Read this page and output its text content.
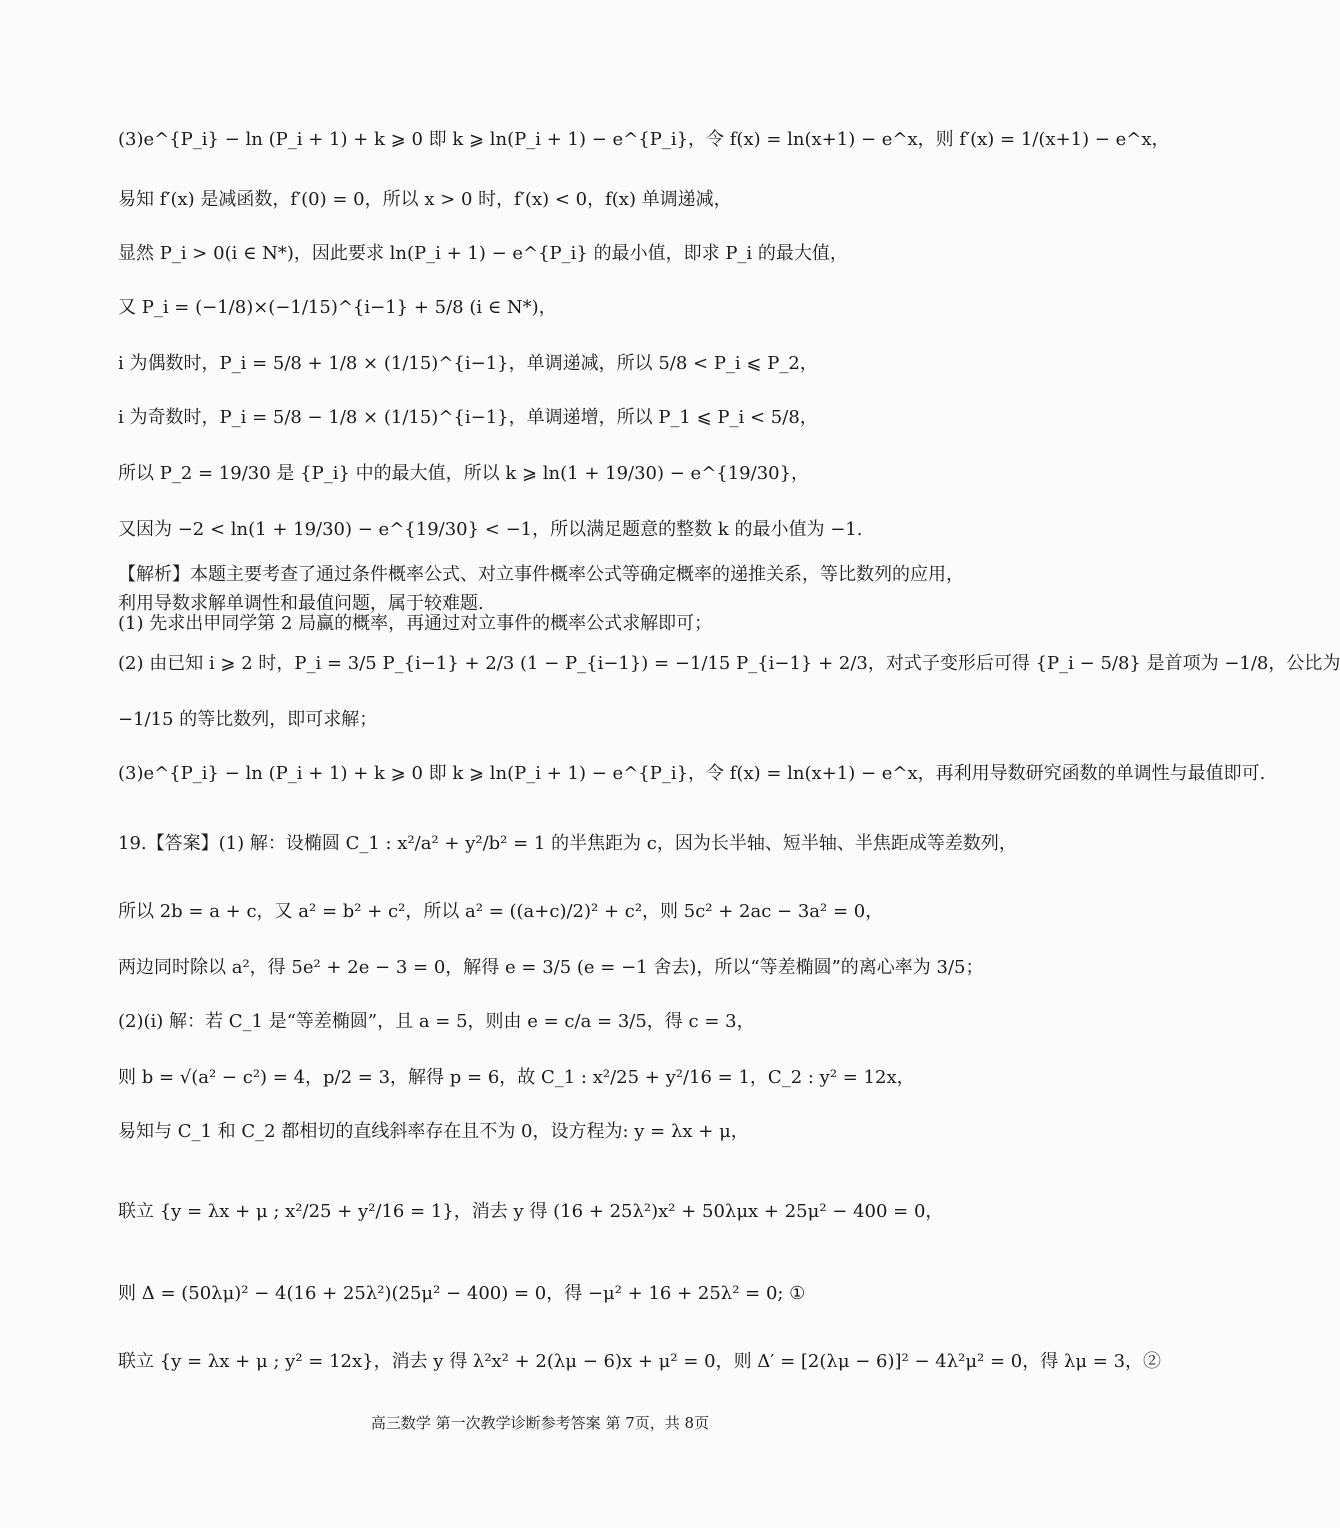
(3)e^{P_i} − ln (P_i + 1) + k ⩾ 0 即 k ⩾ ln(P_i + 1) − e^{P_i}，令 f(x) = ln(x+1) − e^x，则 f′(x) = 1/(x+1) − e^x，
易知 f′(x) 是减函数，f′(0) = 0，所以 x > 0 时，f′(x) < 0，f(x) 单调递减，
显然 P_i > 0(i ∈ N*)，因此要求 ln(P_i + 1) − e^{P_i} 的最小值，即求 P_i 的最大值，
又 P_i = (−1/8)×(−1/15)^{i−1} + 5/8 (i ∈ N*)，
i 为偶数时，P_i = 5/8 + 1/8 × (1/15)^{i−1}，单调递减，所以 5/8 < P_i ⩽ P_2，
i 为奇数时，P_i = 5/8 − 1/8 × (1/15)^{i−1}，单调递增，所以 P_1 ⩽ P_i < 5/8，
所以 P_2 = 19/30 是 {P_i} 中的最大值，所以 k ⩾ ln(1 + 19/30) − e^{19/30}，
又因为 −2 < ln(1 + 19/30) − e^{19/30} < −1，所以满足题意的整数 k 的最小值为 −1.
【解析】本题主要考查了通过条件概率公式、对立事件概率公式等确定概率的递推关系，等比数列的应用，利用导数求解单调性和最值问题，属于较难题.
(1) 先求出甲同学第 2 局赢的概率，再通过对立事件的概率公式求解即可；
(2) 由已知 i ⩾ 2 时，P_i = 3/5 P_{i−1} + 2/3 (1 − P_{i−1}) = −1/15 P_{i−1} + 2/3，对式子变形后可得 {P_i − 5/8} 是首项为 −1/8，公比为
−1/15 的等比数列，即可求解；
(3)e^{P_i} − ln (P_i + 1) + k ⩾ 0 即 k ⩾ ln(P_i + 1) − e^{P_i}，令 f(x) = ln(x+1) − e^x，再利用导数研究函数的单调性与最值即可.
19.【答案】(1) 解：设椭圆 C_1 : x²/a² + y²/b² = 1 的半焦距为 c，因为长半轴、短半轴、半焦距成等差数列，
所以 2b = a + c，又 a² = b² + c²，所以 a² = ((a+c)/2)² + c²，则 5c² + 2ac − 3a² = 0，
两边同时除以 a²，得 5e² + 2e − 3 = 0，解得 e = 3/5 (e = −1 舍去)，所以“等差椭圆”的离心率为 3/5；
(2)(i) 解：若 C_1 是“等差椭圆”，且 a = 5，则由 e = c/a = 3/5，得 c = 3，
则 b = √(a² − c²) = 4，p/2 = 3，解得 p = 6，故 C_1 : x²/25 + y²/16 = 1，C_2 : y² = 12x，
易知与 C_1 和 C_2 都相切的直线斜率存在且不为 0，设方程为: y = λx + μ，
联立 {y = λx + μ ; x²/25 + y²/16 = 1}，消去 y 得 (16 + 25λ²)x² + 50λμx + 25μ² − 400 = 0，
则 Δ = (50λμ)² − 4(16 + 25λ²)(25μ² − 400) = 0，得 −μ² + 16 + 25λ² = 0; ①
联立 {y = λx + μ ; y² = 12x}，消去 y 得 λ²x² + 2(λμ − 6)x + μ² = 0，则 Δ′ = [2(λμ − 6)]² − 4λ²μ² = 0，得 λμ = 3，②
高三数学 第一次教学诊断参考答案 第 7页，共 8页
